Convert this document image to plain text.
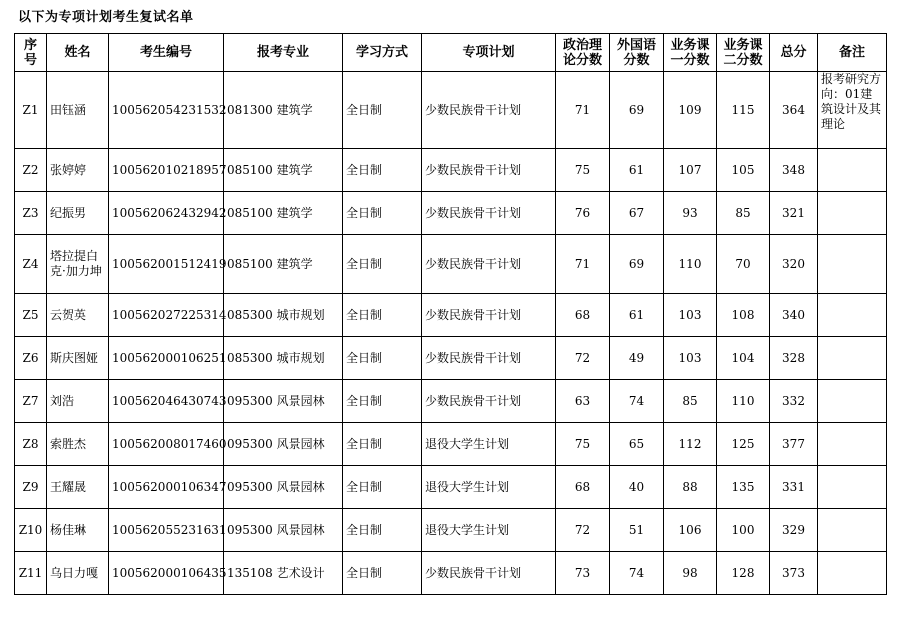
以下为专项计划考生复试名单
序号	姓名	考生编号	报考专业	学习方式	专项计划	政治理论分数	外国语分数	业务课一分数	业务课二分数	总分	备注
Z1	田钰涵	100562054231532	081300 建筑学	全日制	少数民族骨干计划	71	69	109	115	364	报考研究方向：01建筑设计及其理论
Z2	张婷婷	100562010218957	085100 建筑学	全日制	少数民族骨干计划	75	61	107	105	348	
Z3	纪振男	100562062432942	085100 建筑学	全日制	少数民族骨干计划	76	67	93	85	321	
Z4	塔拉提白克·加力坤	100562001512419	085100 建筑学	全日制	少数民族骨干计划	71	69	110	70	320	
Z5	云贺英	100562027225314	085300 城市规划	全日制	少数民族骨干计划	68	61	103	108	340	
Z6	斯庆图娅	100562000106251	085300 城市规划	全日制	少数民族骨干计划	72	49	103	104	328	
Z7	刘浩	100562046430743	095300 风景园林	全日制	少数民族骨干计划	63	74	85	110	332	
Z8	索胜杰	100562008017460	095300 风景园林	全日制	退役大学生计划	75	65	112	125	377	
Z9	王耀晟	100562000106347	095300 风景园林	全日制	退役大学生计划	68	40	88	135	331	
Z10	杨佳琳	100562055231631	095300 风景园林	全日制	退役大学生计划	72	51	106	100	329	
Z11	乌日力嘎	100562000106435	135108 艺术设计	全日制	少数民族骨干计划	73	74	98	128	373	
